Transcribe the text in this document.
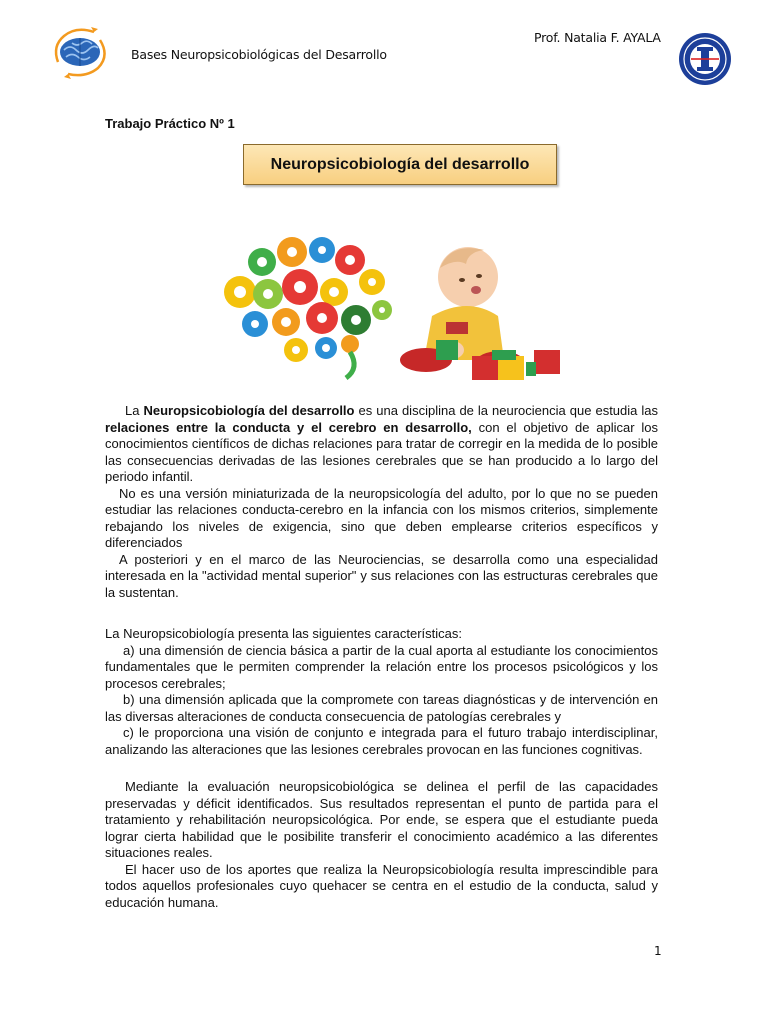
Bases Neuropsicobiológicas del Desarrollo
Prof. Natalia F. AYALA
Trabajo Práctico Nº 1
Neuropsicobiología del desarrollo

La Neuropsicobiología del desarrollo es una disciplina de la neurociencia que estudia las relaciones entre la conducta y el cerebro en desarrollo, con el objetivo de aplicar los conocimientos científicos de dichas relaciones para tratar de corregir en la medida de lo posible las consecuencias derivadas de las lesiones cerebrales que se han producido a lo largo del periodo infantil.

No es una versión miniaturizada de la neuropsicología del adulto, por lo que no se pueden estudiar las relaciones conducta-cerebro en la infancia con los mismos criterios, simplemente rebajando los niveles de exigencia, sino que deben emplearse criterios específicos y diferenciados

A posteriori y en el marco de las Neurociencias, se desarrolla como una especialidad interesada en la "actividad mental superior" y sus relaciones con las estructuras cerebrales que la sustentan.

La Neuropsicobiología presenta las siguientes características:

a) una dimensión de ciencia básica a partir de la cual aporta al estudiante los conocimientos fundamentales que le permiten comprender la relación entre los procesos psicológicos y los procesos cerebrales;

b) una dimensión aplicada que la compromete con tareas diagnósticas y de intervención en las diversas alteraciones de conducta consecuencia de patologías cerebrales y

c) le proporciona una visión de conjunto e integrada para el futuro trabajo interdisciplinar, analizando las alteraciones que las lesiones cerebrales provocan en las funciones cognitivas.

Mediante la evaluación neuropsicobiológica se delinea el perfil de las capacidades preservadas y déficit identificados. Sus resultados representan el punto de partida para el tratamiento y rehabilitación neuropsicológica. Por ende, se espera que el estudiante pueda lograr cierta habilidad que le posibilite transferir el conocimiento académico a las diferentes situaciones reales.

El hacer uso de los aportes que realiza la Neuropsicobiología resulta imprescindible para todos aquellos profesionales cuyo quehacer se centra en el estudio de la conducta, salud y educación humana.

1
